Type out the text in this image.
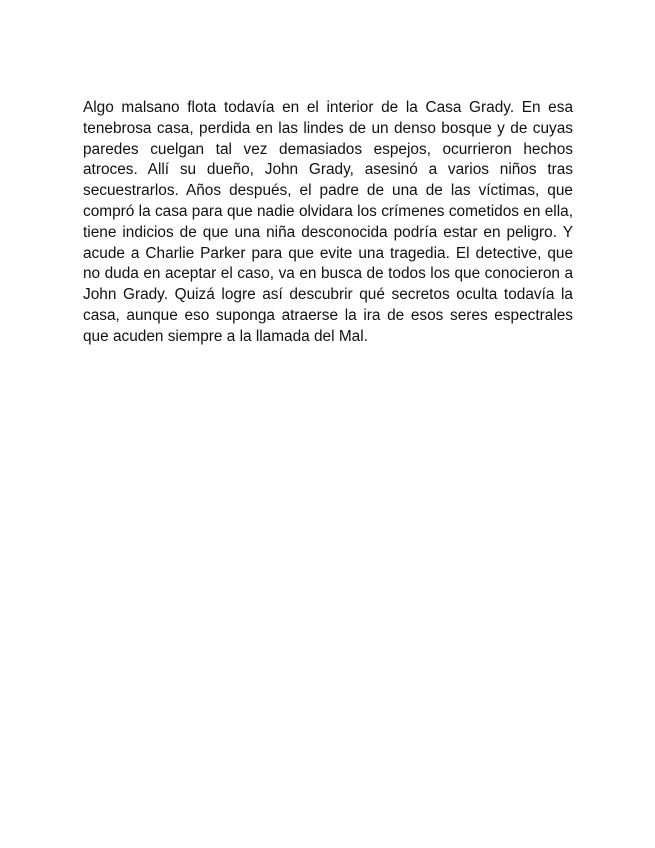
Algo malsano flota todavía en el interior de la Casa Grady. En esa tenebrosa casa, perdida en las lindes de un denso bosque y de cuyas paredes cuelgan tal vez demasiados espejos, ocurrieron hechos atroces. Allí su dueño, John Grady, asesinó a varios niños tras secuestrarlos. Años después, el padre de una de las víctimas, que compró la casa para que nadie olvidara los crímenes cometidos en ella, tiene indicios de que una niña desconocida podría estar en peligro. Y acude a Charlie Parker para que evite una tragedia. El detective, que no duda en aceptar el caso, va en busca de todos los que conocieron a John Grady. Quizá logre así descubrir qué secretos oculta todavía la casa, aunque eso suponga atraerse la ira de esos seres espectrales que acuden siempre a la llamada del Mal.
